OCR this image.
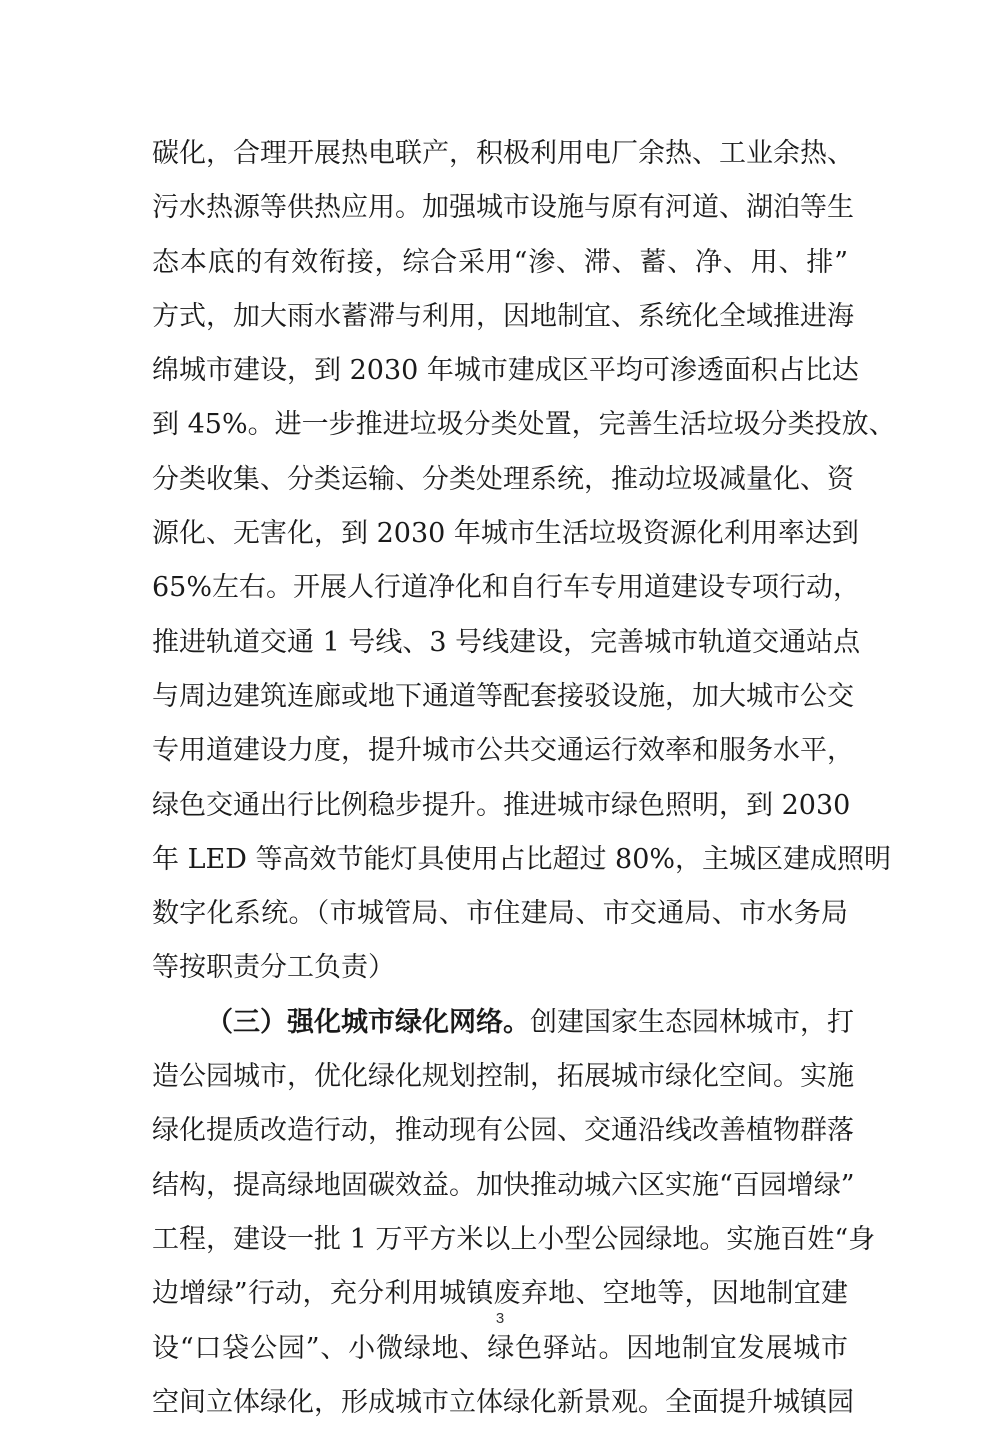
碳化，合理开展热电联产，积极利用电厂余热、工业余热、
污水热源等供热应用。加强城市设施与原有河道、湖泊等生
态本底的有效衔接，综合采用“渗、滞、蓄、净、用、排”
方式，加大雨水蓄滞与利用，因地制宜、系统化全域推进海
绵城市建设，到 2030 年城市建成区平均可渗透面积占比达
到 45%。进一步推进垃圾分类处置，完善生活垃圾分类投放、
分类收集、分类运输、分类处理系统，推动垃圾减量化、资
源化、无害化，到 2030 年城市生活垃圾资源化利用率达到
65%左右。开展人行道净化和自行车专用道建设专项行动，
推进轨道交通 1 号线、3 号线建设，完善城市轨道交通站点
与周边建筑连廊或地下通道等配套接驳设施，加大城市公交
专用道建设力度，提升城市公共交通运行效率和服务水平，
绿色交通出行比例稳步提升。推进城市绿色照明，到 2030
年 LED 等高效节能灯具使用占比超过 80%，主城区建成照明
数字化系统。（市城管局、市住建局、市交通局、市水务局
等按职责分工负责）
（三）强化城市绿化网络。创建国家生态园林城市，打
造公园城市，优化绿化规划控制，拓展城市绿化空间。实施
绿化提质改造行动，推动现有公园、交通沿线改善植物群落
结构，提高绿地固碳效益。加快推动城六区实施“百园增绿”
工程，建设一批 1 万平方米以上小型公园绿地。实施百姓“身
边增绿”行动，充分利用城镇废弃地、空地等，因地制宜建
设“口袋公园”、小微绿地、绿色驿站。因地制宜发展城市
空间立体绿化，形成城市立体绿化新景观。全面提升城镇园
3
